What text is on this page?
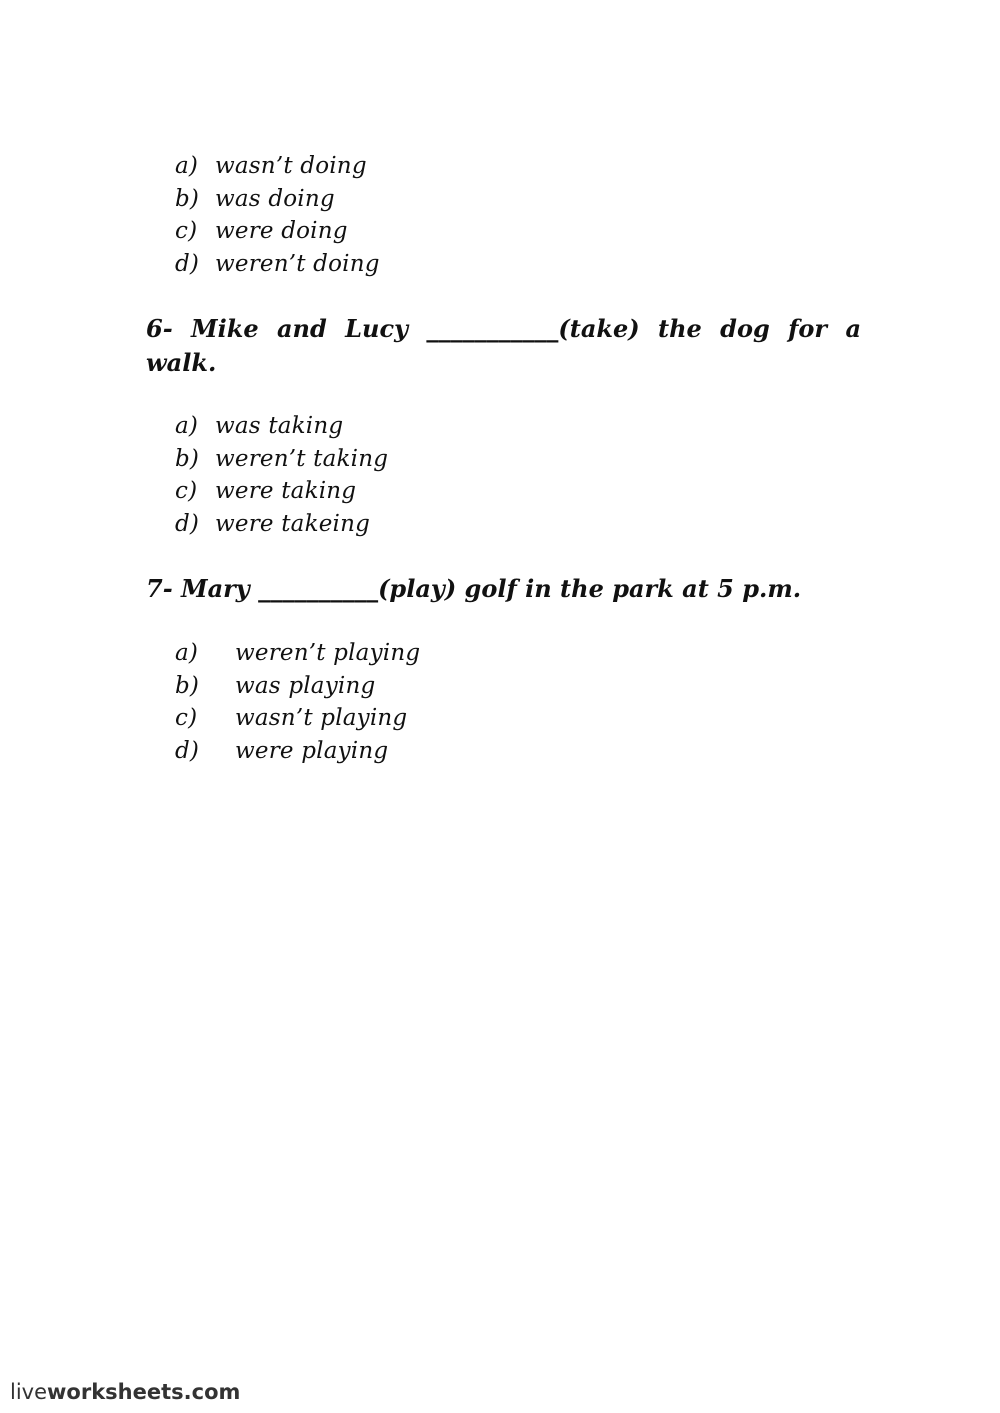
a) wasn’t doing
b) was doing
c) were doing
d) weren’t doing
6- Mike and Lucy ___________(take) the dog for a
walk.
a) was taking
b) weren’t taking
c) were taking
d) were takeing
7- Mary __________(play) golf in the park at 5 p.m.
a) weren’t playing
b) was playing
c) wasn’t playing
d) were playing
liveworksheets.com
